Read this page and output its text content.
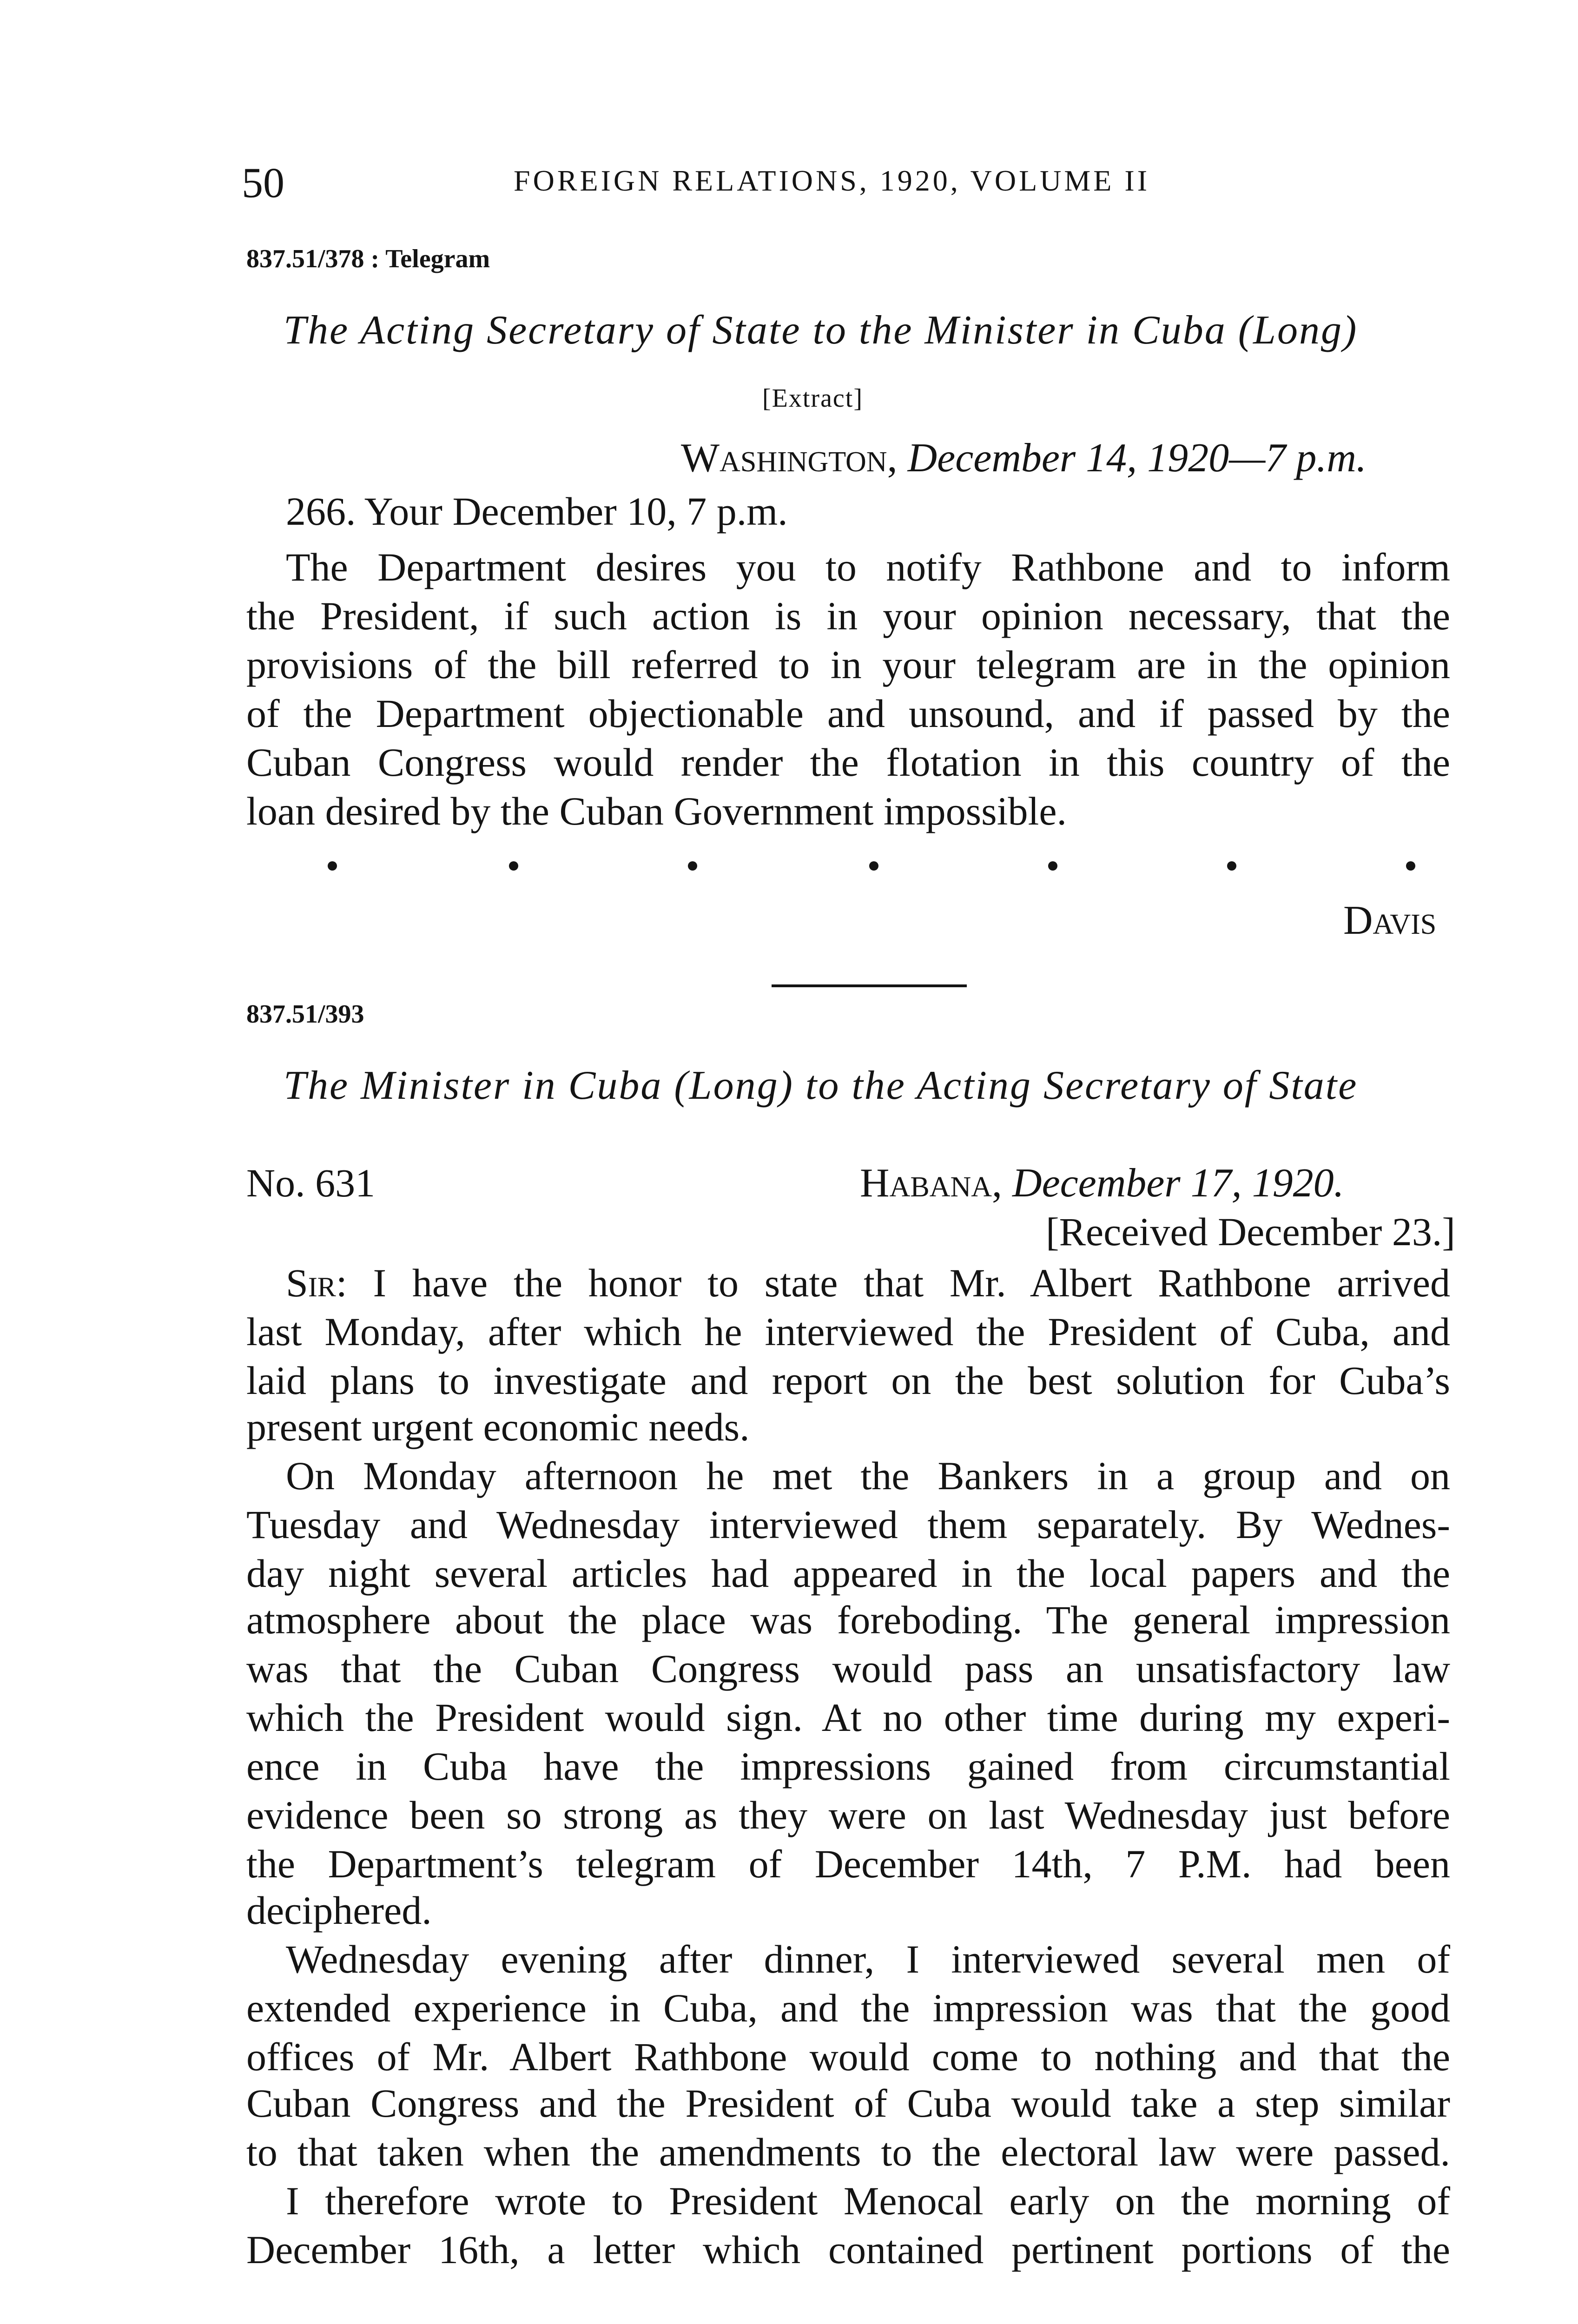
50	FOREIGN RELATIONS, 1920, VOLUME II
837.51/378 : Telegram
The Acting Secretary of State to the Minister in Cuba (Long)
[Extract]
Washington, December 14, 1920—7 p.m.
266. Your December 10, 7 p.m.
The Department desires you to notify Rathbone and to inform
the President, if such action is in your opinion necessary, that the
provisions of the bill referred to in your telegram are in the opinion
of the Department objectionable and unsound, and if passed by the
Cuban Congress would render the flotation in this country of the
loan desired by the Cuban Government impossible.
Davis
837.51/393
The Minister in Cuba (Long) to the Acting Secretary of State
No. 631	Habana, December 17, 1920.
[Received December 23.]
Sir: I have the honor to state that Mr. Albert Rathbone arrived
last Monday, after which he interviewed the President of Cuba, and
laid plans to investigate and report on the best solution for Cuba’s
present urgent economic needs.
On Monday afternoon he met the Bankers in a group and on
Tuesday and Wednesday interviewed them separately. By Wednes-
day night several articles had appeared in the local papers and the
atmosphere about the place was foreboding. The general impression
was that the Cuban Congress would pass an unsatisfactory law
which the President would sign. At no other time during my experi-
ence in Cuba have the impressions gained from circumstantial
evidence been so strong as they were on last Wednesday just before
the Department’s telegram of December 14th, 7 P.M. had been
deciphered.
Wednesday evening after dinner, I interviewed several men of
extended experience in Cuba, and the impression was that the good
offices of Mr. Albert Rathbone would come to nothing and that the
Cuban Congress and the President of Cuba would take a step similar
to that taken when the amendments to the electoral law were passed.
I therefore wrote to President Menocal early on the morning of
December 16th, a letter which contained pertinent portions of the
